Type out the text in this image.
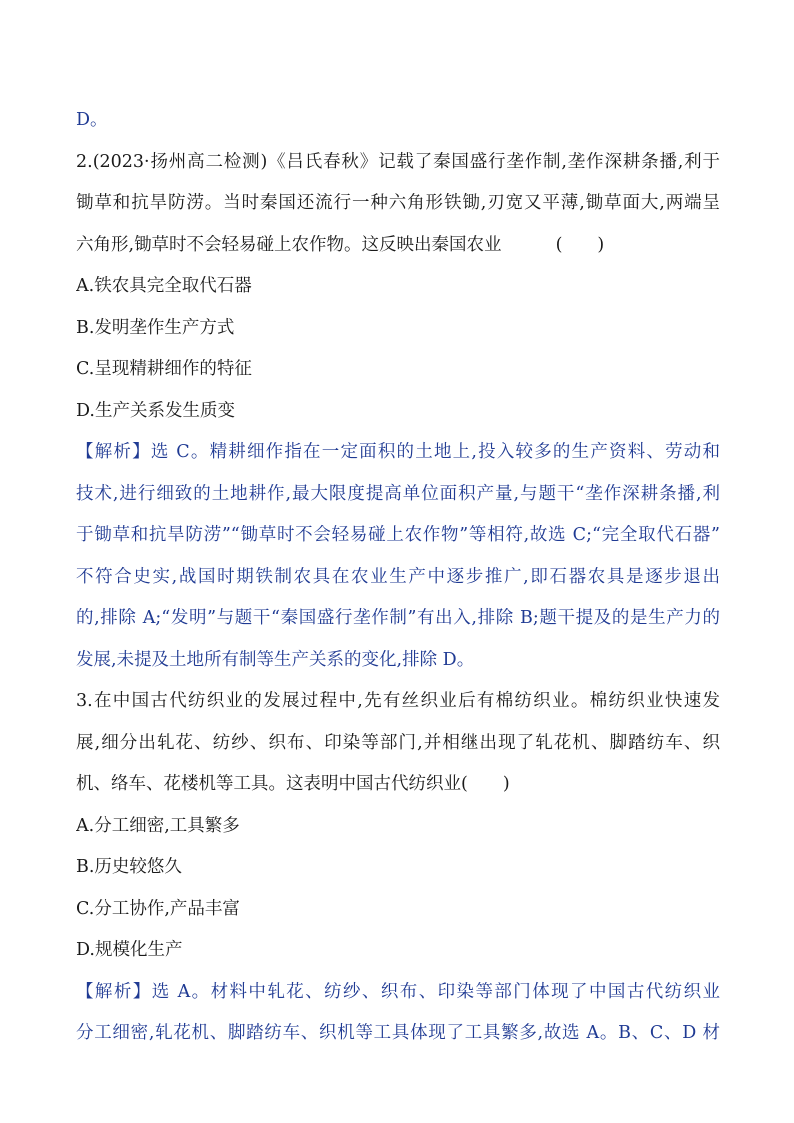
D。
2.(2023·扬州高二检测)《吕氏春秋》记载了秦国盛行垄作制,垄作深耕条播,利于
锄草和抗旱防涝。当时秦国还流行一种六角形铁锄,刃宽又平薄,锄草面大,两端呈
六角形,锄草时不会轻易碰上农作物。这反映出秦国农业	(　　)
A.铁农具完全取代石器
B.发明垄作生产方式
C.呈现精耕细作的特征
D.生产关系发生质变
【解析】选 C。精耕细作指在一定面积的土地上,投入较多的生产资料、劳动和
技术,进行细致的土地耕作,最大限度提高单位面积产量,与题干“垄作深耕条播,利
于锄草和抗旱防涝”“锄草时不会轻易碰上农作物”等相符,故选 C;“完全取代石器”
不符合史实,战国时期铁制农具在农业生产中逐步推广,即石器农具是逐步退出
的,排除 A;“发明”与题干“秦国盛行垄作制”有出入,排除 B;题干提及的是生产力的
发展,未提及土地所有制等生产关系的变化,排除 D。
3.在中国古代纺织业的发展过程中,先有丝织业后有棉纺织业。棉纺织业快速发
展,细分出轧花、纺纱、织布、印染等部门,并相继出现了轧花机、脚踏纺车、织
机、络车、花楼机等工具。这表明中国古代纺织业(　　)
A.分工细密,工具繁多
B.历史较悠久
C.分工协作,产品丰富
D.规模化生产
【解析】选 A。材料中轧花、纺纱、织布、印染等部门体现了中国古代纺织业
分工细密,轧花机、脚踏纺车、织机等工具体现了工具繁多,故选 A。B、C、D 材
